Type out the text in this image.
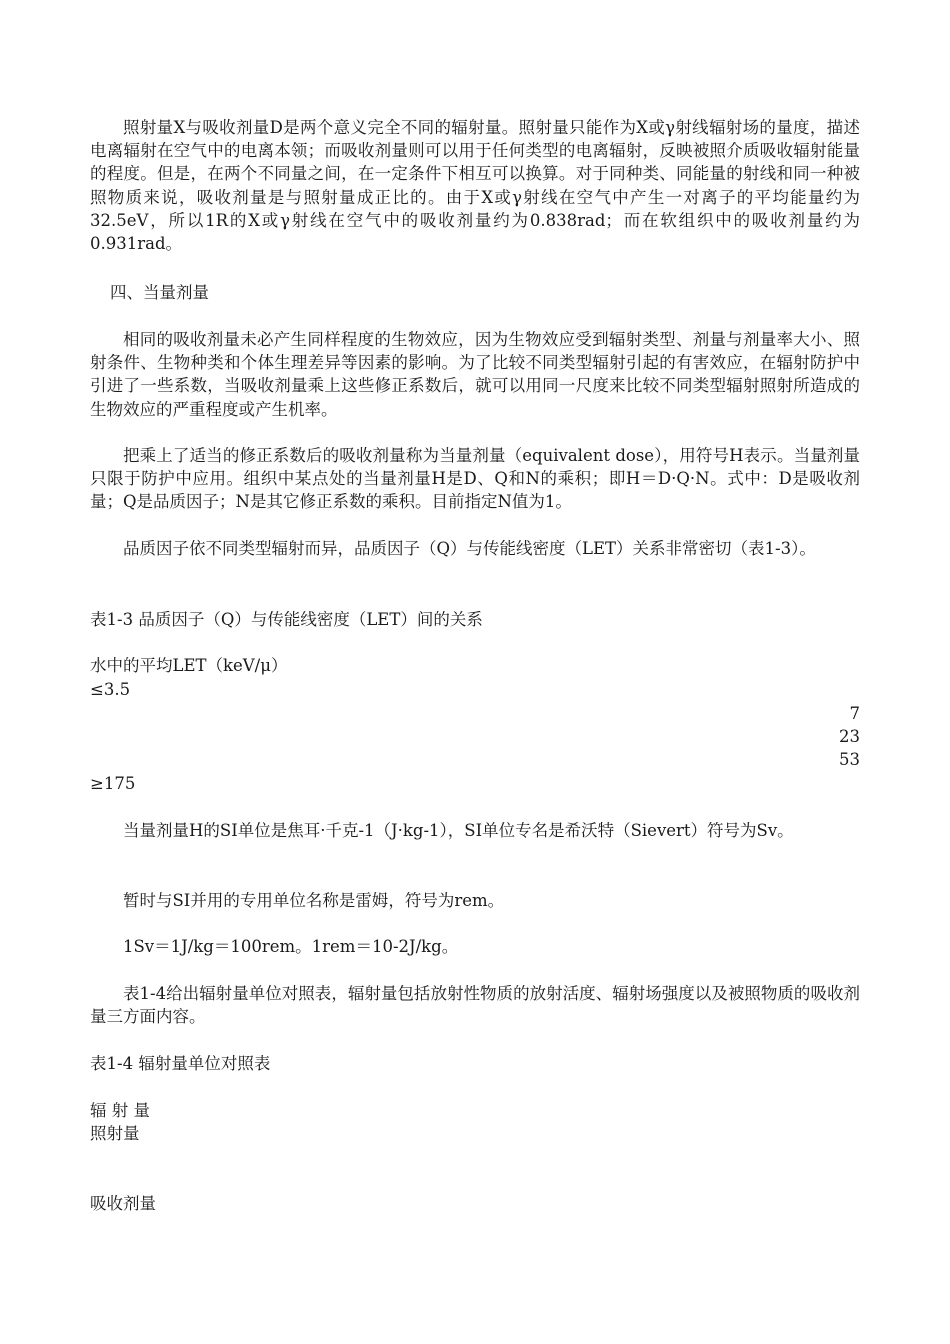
照射量X与吸收剂量D是两个意义完全不同的辐射量。照射量只能作为X或γ射线辐射场的量度，描述电离辐射在空气中的电离本领；而吸收剂量则可以用于任何类型的电离辐射，反映被照介质吸收辐射能量的程度。但是，在两个不同量之间，在一定条件下相互可以换算。对于同种类、同能量的射线和同一种被照物质来说，吸收剂量是与照射量成正比的。由于X或γ射线在空气中产生一对离子的平均能量约为32.5eV，所以1R的X或γ射线在空气中的吸收剂量约为0.838rad；而在软组织中的吸收剂量约为0.931rad。

四、当量剂量

相同的吸收剂量未必产生同样程度的生物效应，因为生物效应受到辐射类型、剂量与剂量率大小、照射条件、生物种类和个体生理差异等因素的影响。为了比较不同类型辐射引起的有害效应，在辐射防护中引进了一些系数，当吸收剂量乘上这些修正系数后，就可以用同一尺度来比较不同类型辐射照射所造成的生物效应的严重程度或产生机率。

把乘上了适当的修正系数后的吸收剂量称为当量剂量（equivalent dose），用符号H表示。当量剂量只限于防护中应用。组织中某点处的当量剂量H是D、Q和N的乘积；即H＝D·Q·N。式中：D是吸收剂量；Q是品质因子；N是其它修正系数的乘积。目前指定N值为1。

品质因子依不同类型辐射而异，品质因子（Q）与传能线密度（LET）关系非常密切（表1-3）。

表1-3 品质因子（Q）与传能线密度（LET）间的关系
水中的平均LET（keV/μ）
≤3.5
7
23
53
≥175

当量剂量H的SI单位是焦耳·千克-1（J·kg-1），SI单位专名是希沃特（Sievert）符号为Sv。

暂时与SI并用的专用单位名称是雷姆，符号为rem。

1Sv＝1J/kg＝100rem。1rem＝10-2J/kg。

表1-4给出辐射量单位对照表，辐射量包括放射性物质的放射活度、辐射场强度以及被照物质的吸收剂量三方面内容。

表1-4 辐射量单位对照表
辐 射 量
照射量
吸收剂量
